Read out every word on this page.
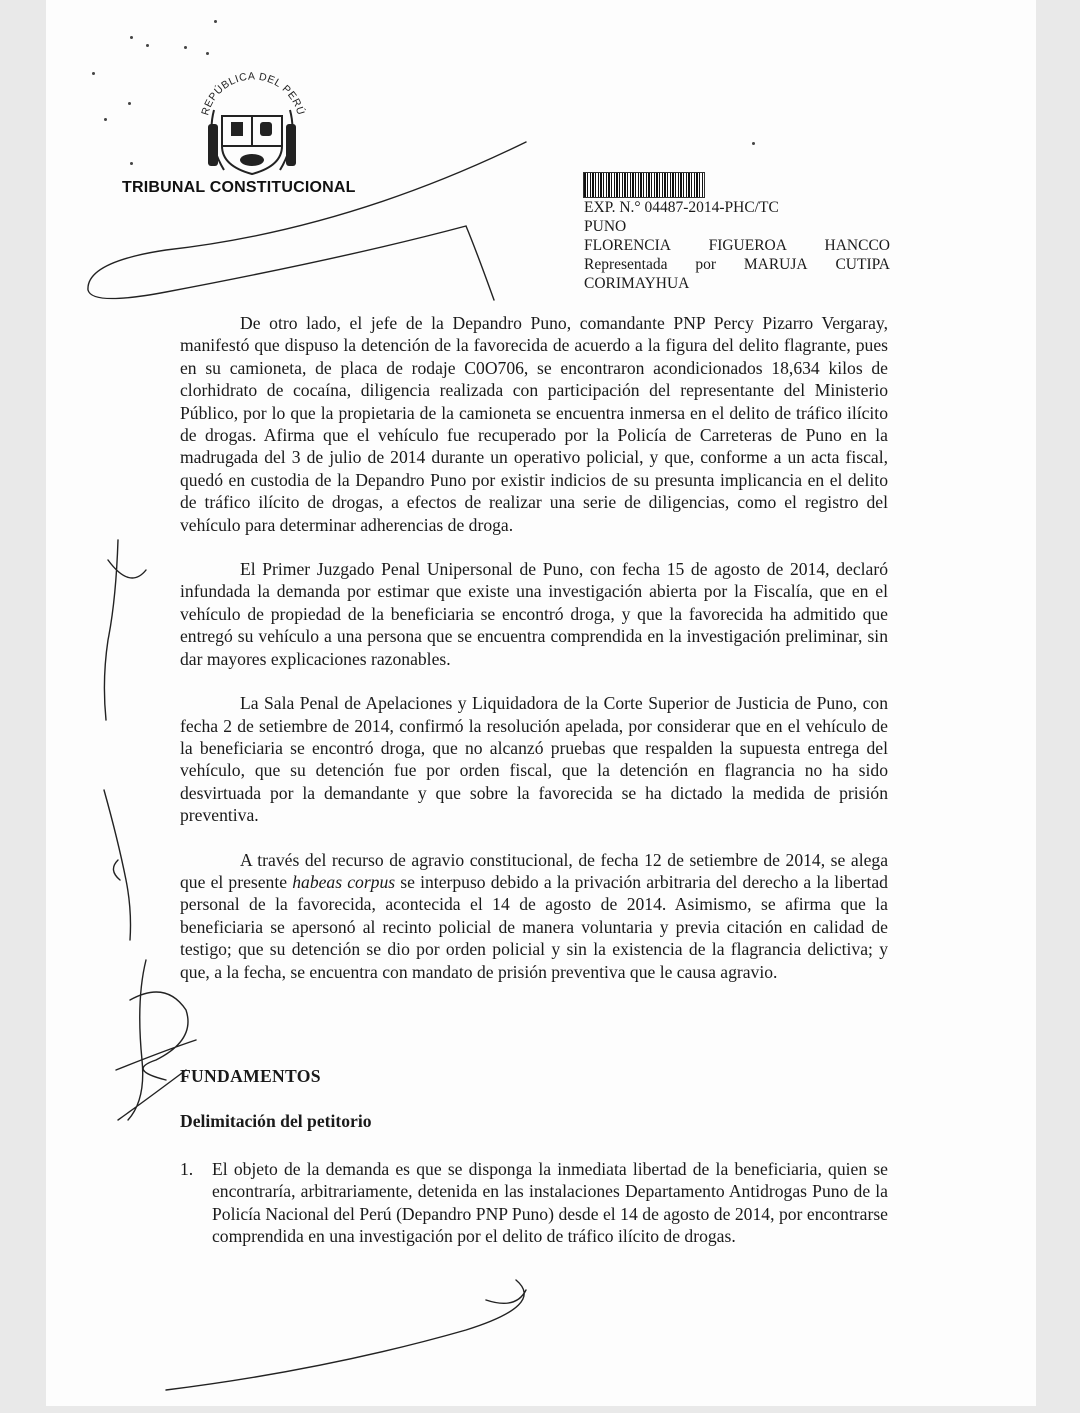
REPÚBLICA DEL PERÚ
TRIBUNAL CONSTITUCIONAL
EXP. N.° 04487-2014-PHC/TC
PUNO
FLORENCIA FIGUEROA HANCCO
Representada por MARUJA CUTIPA
CORIMAYHUA

De otro lado, el jefe de la Depandro Puno, comandante PNP Percy Pizarro Vergaray, manifestó que dispuso la detención de la favorecida de acuerdo a la figura del delito flagrante, pues en su camioneta, de placa de rodaje C0O706, se encontraron acondicionados 18,634 kilos de clorhidrato de cocaína, diligencia realizada con participación del representante del Ministerio Público, por lo que la propietaria de la camioneta se encuentra inmersa en el delito de tráfico ilícito de drogas. Afirma que el vehículo fue recuperado por la Policía de Carreteras de Puno en la madrugada del 3 de julio de 2014 durante un operativo policial, y que, conforme a un acta fiscal, quedó en custodia de la Depandro Puno por existir indicios de su presunta implicancia en el delito de tráfico ilícito de drogas, a efectos de realizar una serie de diligencias, como el registro del vehículo para determinar adherencias de droga.

El Primer Juzgado Penal Unipersonal de Puno, con fecha 15 de agosto de 2014, declaró infundada la demanda por estimar que existe una investigación abierta por la Fiscalía, que en el vehículo de propiedad de la beneficiaria se encontró droga, y que la favorecida ha admitido que entregó su vehículo a una persona que se encuentra comprendida en la investigación preliminar, sin dar mayores explicaciones razonables.

La Sala Penal de Apelaciones y Liquidadora de la Corte Superior de Justicia de Puno, con fecha 2 de setiembre de 2014, confirmó la resolución apelada, por considerar que en el vehículo de la beneficiaria se encontró droga, que no alcanzó pruebas que respalden la supuesta entrega del vehículo, que su detención fue por orden fiscal, que la detención en flagrancia no ha sido desvirtuada por la demandante y que sobre la favorecida se ha dictado la medida de prisión preventiva.

A través del recurso de agravio constitucional, de fecha 12 de setiembre de 2014, se alega que el presente habeas corpus se interpuso debido a la privación arbitraria del derecho a la libertad personal de la favorecida, acontecida el 14 de agosto de 2014. Asimismo, se afirma que la beneficiaria se apersonó al recinto policial de manera voluntaria y previa citación en calidad de testigo; que su detención se dio por orden policial y sin la existencia de la flagrancia delictiva; y que, a la fecha, se encuentra con mandato de prisión preventiva que le causa agravio.

FUNDAMENTOS
Delimitación del petitorio
1.	El objeto de la demanda es que se disponga la inmediata libertad de la beneficiaria, quien se encontraría, arbitrariamente, detenida en las instalaciones Departamento Antidrogas Puno de la Policía Nacional del Perú (Depandro PNP Puno) desde el 14 de agosto de 2014, por encontrarse comprendida en una investigación por el delito de tráfico ilícito de drogas.
